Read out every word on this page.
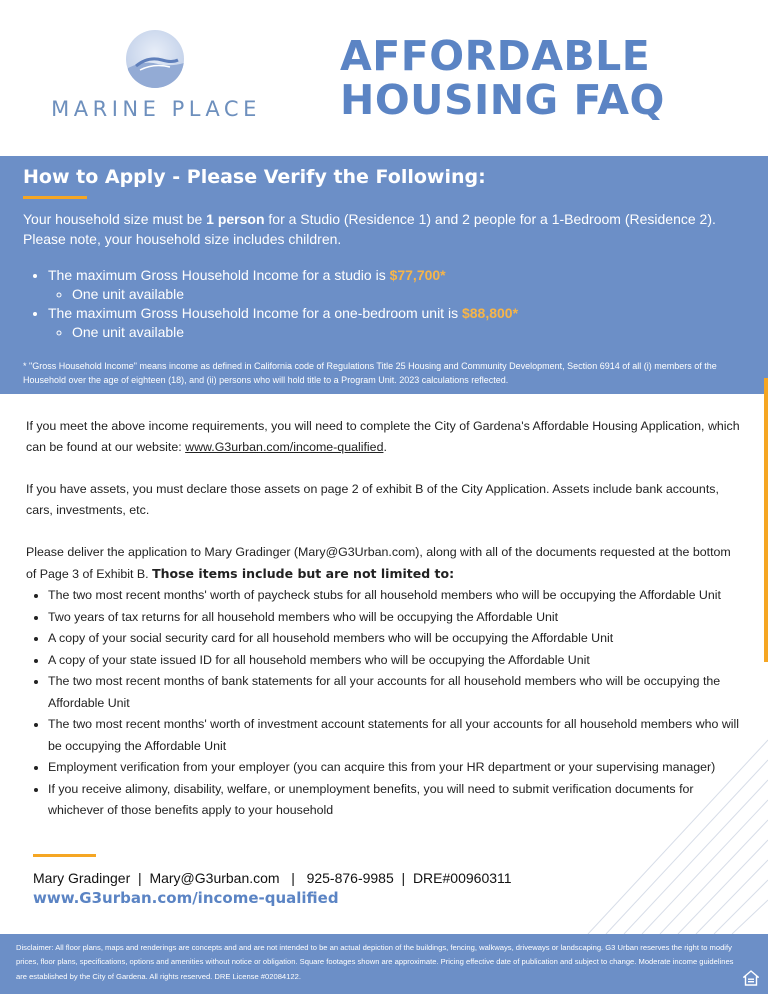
MARINE PLACE
AFFORDABLE
HOUSING FAQ
How to Apply - Please Verify the Following:
Your household size must be 1 person for a Studio (Residence 1) and 2 people for a 1-Bedroom (Residence 2). Please note, your household size includes children.
• The maximum Gross Household Income for a studio is $77,700*
◦ One unit available
• The maximum Gross Household Income for a one-bedroom unit is $88,800*
◦ One unit available
* "Gross Household Income" means income as defined in California code of Regulations Title 25 Housing and Community Development, Section 6914 of all (i) members of the Household over the age of eighteen (18), and (ii) persons who will hold title to a Program Unit. 2023 calculations reflected.

If you meet the above income requirements, you will need to complete the City of Gardena's Affordable Housing Application, which can be found at our website: www.G3urban.com/income-qualified.

If you have assets, you must declare those assets on page 2 of exhibit B of the City Application. Assets include bank accounts, cars, investments, etc.

Please deliver the application to Mary Gradinger (Mary@G3Urban.com), along with all of the documents requested at the bottom of Page 3 of Exhibit B. Those items include but are not limited to:

• The two most recent months' worth of paycheck stubs for all household members who will be occupying the Affordable Unit
• Two years of tax returns for all household members who will be occupying the Affordable Unit
• A copy of your social security card for all household members who will be occupying the Affordable Unit
• A copy of your state issued ID for all household members who will be occupying the Affordable Unit
• The two most recent months of bank statements for all your accounts for all household members who will be occupying the Affordable Unit
• The two most recent months' worth of investment account statements for all your accounts for all household members who will be occupying the Affordable Unit
• Employment verification from your employer (you can acquire this from your HR department or your supervising manager)
• If you receive alimony, disability, welfare, or unemployment benefits, you will need to submit verification documents for whichever of those benefits apply to your household
Mary Gradinger  |  Mary@G3urban.com   |   925-876-9985  |  DRE#00960311
www.G3urban.com/income-qualified

Disclaimer: All floor plans, maps and renderings are concepts and and are not intended to be an actual depiction of the buildings, fencing, walkways, driveways or landscaping. G3 Urban reserves the right to modify prices, floor plans, specifications, options and amenities without notice or obligation. Square footages shown are approximate. Pricing effective date of publication and subject to change. Moderate income guidelines are established by the City of Gardena. All rights reserved. DRE License #02084122.
